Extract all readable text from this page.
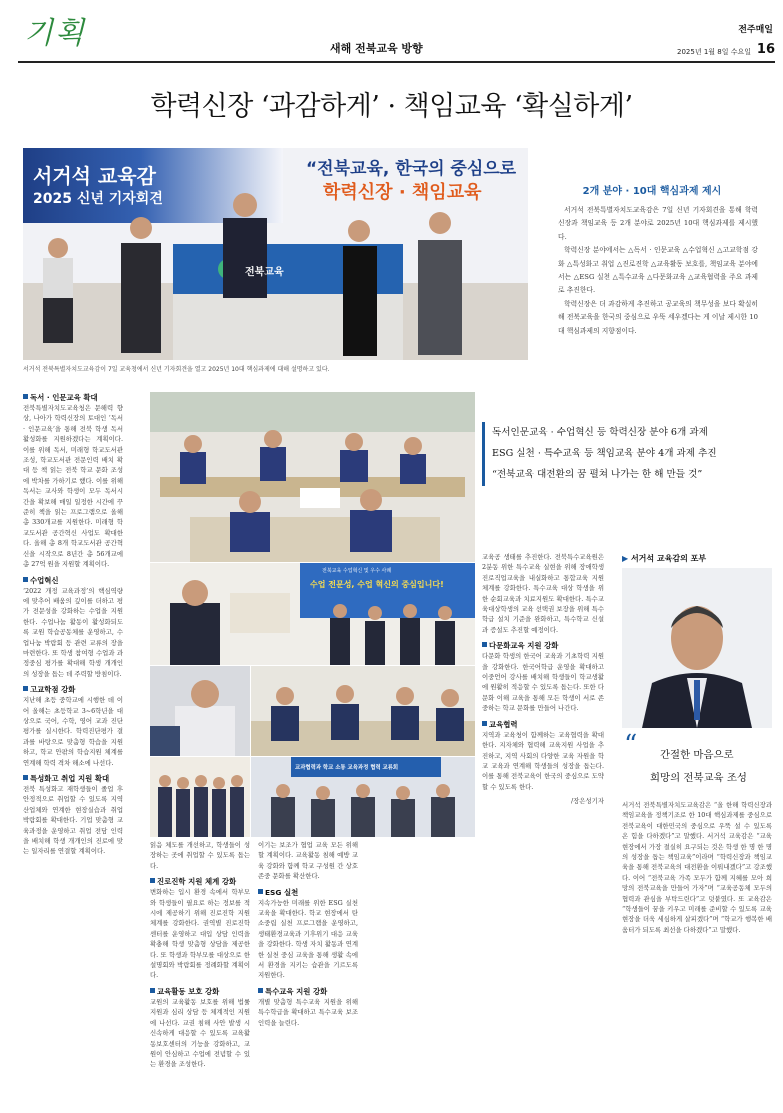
기획	새해 전북교육 방향
전주매일
2025년 1월 8일 수요일 16
학력신장 ‘과감하게’ · 책임교육 ‘확실하게’
서거석 교육감
2025 신년 기자회견
“전북교육, 한국의 중심으로
학력신장 · 책임교육
전북교육
서거석 전북특별자치도교육감이 7일 교육청에서 신년 기자회견을 열고 2025년 10대 핵심과제에 대해 설명하고 있다.
2개 분야 · 10대 핵심과제 제시

서거석 전북특별자치도교육감은 7일 신년 기자회견을 통해 학력신장과 책임교육 등 2개 분야로 2025년 10대 핵심과제를 제시했다.

학력신장 분야에서는 △독서 · 인문교육 △수업혁신 △고교학점 강화 △특성화고 취업 △진로진학 △교육활동 보호를, 책임교육 분야에서는 △ESG 실천 △특수교육 △다문화교육 △교육협력을 주요 과제로 추진한다.

학력신장은 더 과감하게 추진하고 공교육의 책무성을 보다 확실히 해 전북교육을 한국의 중심으로 우뚝 세우겠다는 게 이날 제시한 10대 핵심과제의 지향점이다.

독서 · 인문교육 확대

전북특별자치도교육청은 문해력 향상, 나아가 학력신장의 토대인 ‘독서 · 인문교육’을 통해 전북 학생 독서 활성화를 지원하겠다는 계획이다. 이를 위해 독서, 미래형 학교도서관 조성, 학교도서관 전문인력 배치 확대 등 책 읽는 전북 학교 문화 조성에 박차를 가하기로 했다. 이를 위해 독서는 교사와 학생이 모두 독서시간을 확보해 매일 일정한 시간에 꾸준히 책을 읽는 프로그램으로 올해 총 330개교를 지원한다. 미래형 학교도서관 공간혁신 사업도 확대한다. 올해 총 8개 학교도서관 공간혁신을 시작으로 8년간 총 56개교에 총 27억 원을 지원할 계획이다.

수업혁신

‘2022 개정 교육과정’의 핵심역량에 맞추어 배움의 깊이를 더하고 평가 전문성을 강화하는 수업을 지원한다. 수업나눔 활동이 활성화되도록 교원 학습공동체를 운영하고, 수업나눔 박람회 등 관련 교류의 장을 마련한다. 또 학생 참여형 수업과 과정중심 평가를 확대해 학생 개개인의 성장을 돕는 데 주력할 방침이다.

고교학점 강화

지난해 초등 중학교에 시행한 데 이어 올해는 초등학교 3~6학년을 대상으로 국어, 수학, 영어 교과 진단평가를 실시한다. 학력진단평가 결과를 바탕으로 맞춤형 학습을 지원하고, 학교 안팎의 학습지원 체계를 연계해 학력 격차 해소에 나선다.

특성화고 취업 지원 확대

전북 특성화고 재학생들이 졸업 후 안정적으로 취업할 수 있도록 지역 산업체와 연계한 현장실습과 취업 박람회를 확대한다. 기업 맞춤형 교육과정을 운영하고 취업 전담 인력을 배치해 학생 개개인의 진로에 맞는 일자리를 연결할 계획이다.

전북교육 수업혁신 및 우수 사례
수업 전문성, 수업 혁신의 중심입니다!
교과협력과 학교 소통 교육과정 협력 교류회
독서인문교육 · 수업혁신 등 학력신장 분야 6개 과제
ESG 실천 · 특수교육 등 책임교육 분야 4개 과제 추진
“전북교육 대전환의 꿈 펼쳐 나가는 한 해 만들 것”

읽음 체도를 개선하고, 학생들이 성장하는 곳에 취업할 수 있도록 돕는다.

진로진학 지원 체계 강화

변화하는 입시 환경 속에서 학부모와 학생들이 필요로 하는 정보를 적시에 제공하기 위해 진로진학 지원 체계를 강화한다. 권역별 진로진학센터를 운영하고 대입 상담 인력을 확충해 학생 맞춤형 상담을 제공한다. 또 학생과 학부모를 대상으로 한 설명회와 박람회를 정례화할 계획이다.

교육활동 보호 강화

교원의 교육활동 보호를 위해 법률 지원과 심리 상담 등 체계적인 지원에 나선다. 교권 침해 사안 발생 시 신속하게 대응할 수 있도록 교육활동보호센터의 기능을 강화하고, 교원이 안심하고 수업에 전념할 수 있는 환경을 조성한다.

이기는 보조가 협업 교육 모든 위해할 계획이다. 교육활동 침해 예방 교육 강화와 함께 학교 구성원 간 상호 존중 문화를 확산한다.

ESG 실천

지속가능한 미래를 위한 ESG 실천 교육을 확대한다. 학교 현장에서 탄소중립 실천 프로그램을 운영하고, 생태환경교육과 기후위기 대응 교육을 강화한다. 학생 자치 활동과 연계한 실천 중심 교육을 통해 생활 속에서 환경을 지키는 습관을 기르도록 지원한다.

특수교육 지원 강화

개별 맞춤형 특수교육 지원을 위해 특수학급을 확대하고 특수교육 보조인력을 늘린다.

교육공 생태를 추진한다. 전북특수교육원은 2분동 위한 특수교육 실현을 위해 장애학생 진로직업교육을 내실화하고 통합교육 지원 체계를 강화한다. 특수교육 대상 학생을 위한 순회교육과 치료지원도 확대한다. 특수교육대상학생의 교육 선택권 보장을 위해 특수학급 설치 기준을 완화하고, 특수학교 신설과 증설도 추진할 예정이다.

다문화교육 지원 강화

다문화 학생의 한국어 교육과 기초학력 지원을 강화한다. 한국어학급 운영을 확대하고 이중언어 강사를 배치해 학생들이 학교생활에 원활히 적응할 수 있도록 돕는다. 또한 다문화 이해 교육을 통해 모든 학생이 서로 존중하는 학교 문화를 만들어 나간다.

교육협력

지역과 교육청이 함께하는 교육협력을 확대한다. 지자체와 협력해 교육지원 사업을 추진하고, 지역 사회의 다양한 교육 자원을 학교 교육과 연계해 학생들의 성장을 돕는다. 이를 통해 전북교육이 한국의 중심으로 도약할 수 있도록 한다.

/장은성기자

▶ 서거석 교육감의 포부
“ 간절한 마음으로
희망의 전북교육 조성
서거석 전북특별자치도교육감은 “올 한해 학력신장과 책임교육을 정책기조로 한 10대 핵심과제를 중심으로 전북교육이 대한민국의 중심으로 우뚝 설 수 있도록 온 힘을 다하겠다”고 말했다. 서거석 교육감은 “교육 현장에서 가장 절실히 요구되는 것은 학생 한 명 한 명의 성장을 돕는 책임교육”이라며 “학력신장과 책임교육을 통해 전북교육의 대전환을 이뤄내겠다”고 강조했다. 이어 “전북교육 가족 모두가 함께 지혜를 모아 희망의 전북교육을 만들어 가자”며 “교육공동체 모두의 협력과 관심을 부탁드린다”고 덧붙였다. 또 교육감은 “학생들이 꿈을 키우고 미래를 준비할 수 있도록 교육 현장을 더욱 세심하게 살피겠다”며 “학교가 행복한 배움터가 되도록 최선을 다하겠다”고 말했다.
